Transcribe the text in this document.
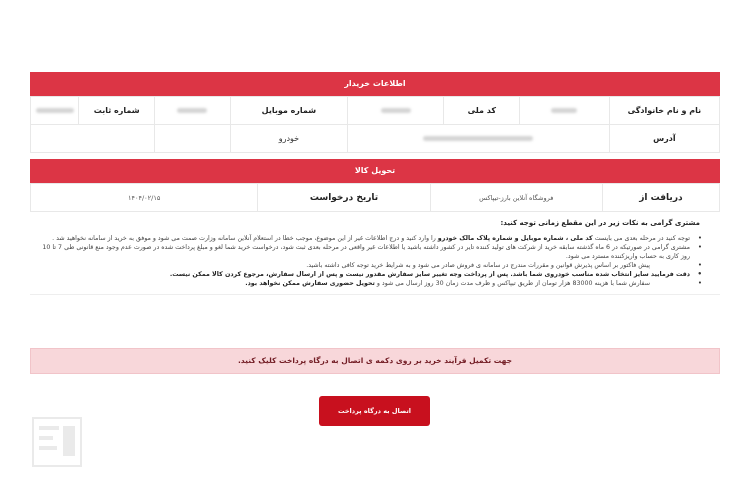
اطلاعات خریدار
نام و نام خانوادگی		کد ملی		شماره موبایل		شماره ثابت	
آدرس				خودرو			
تحویل کالا
دریافت از	فروشگاه آنلاین بارز-تیپاکس	تاریخ درخواست	۱۴۰۴/۰۲/۱۵
مشتری گرامی به نکات زیر در این مقطع زمانی توجه کنید:
• توجه کنید در مرحله بعدی می بایست کد ملی ، شماره موبایل و شماره پلاک مالک خودرو را وارد کنید و درج اطلاعات غیر از این موضوع، موجب خطا در استعلام آنلاین سامانه وزارت صمت می شود و موفق به خرید از سامانه نخواهید شد .
• مشتری گرامی در صورتیکه در 6 ماه گذشته سابقه خرید از شرکت های تولید کننده تایر در کشور داشته باشید یا اطلاعات غیر واقعی در مرحله بعدی ثبت شود، درخواست خرید شما لغو و مبلغ پرداخت شده در صورت عدم وجود منع قانونی طی 7 تا 10 روز کاری به حساب واریزکننده مسترد می شود.
• پیش فاکتور بر اساس پذیرش قوانین و مقررات مندرج در سامانه ی فروش صادر می شود و به شرایط خرید توجه کافی داشته باشید.
• دقت فرمایید سایز انتخاب شده مناسب خودروی شما باشد. پس از پرداخت وجه تغییر سایز سفارش مقدور نیست و پس از ارسال سفارش، مرجوع کردن کالا ممکن نیست.
• سفارش شما با هزینه 83000 هزار تومان از طریق تیپاکس و ظرف مدت زمان 30 روز ارسال می شود و تحویل حضوری سفارش ممکن نخواهد بود.
جهت تکمیل فرآیند خرید بر روی دکمه ی اتصال به درگاه پرداخت کلیک کنید.
اتصال به درگاه پرداخت
